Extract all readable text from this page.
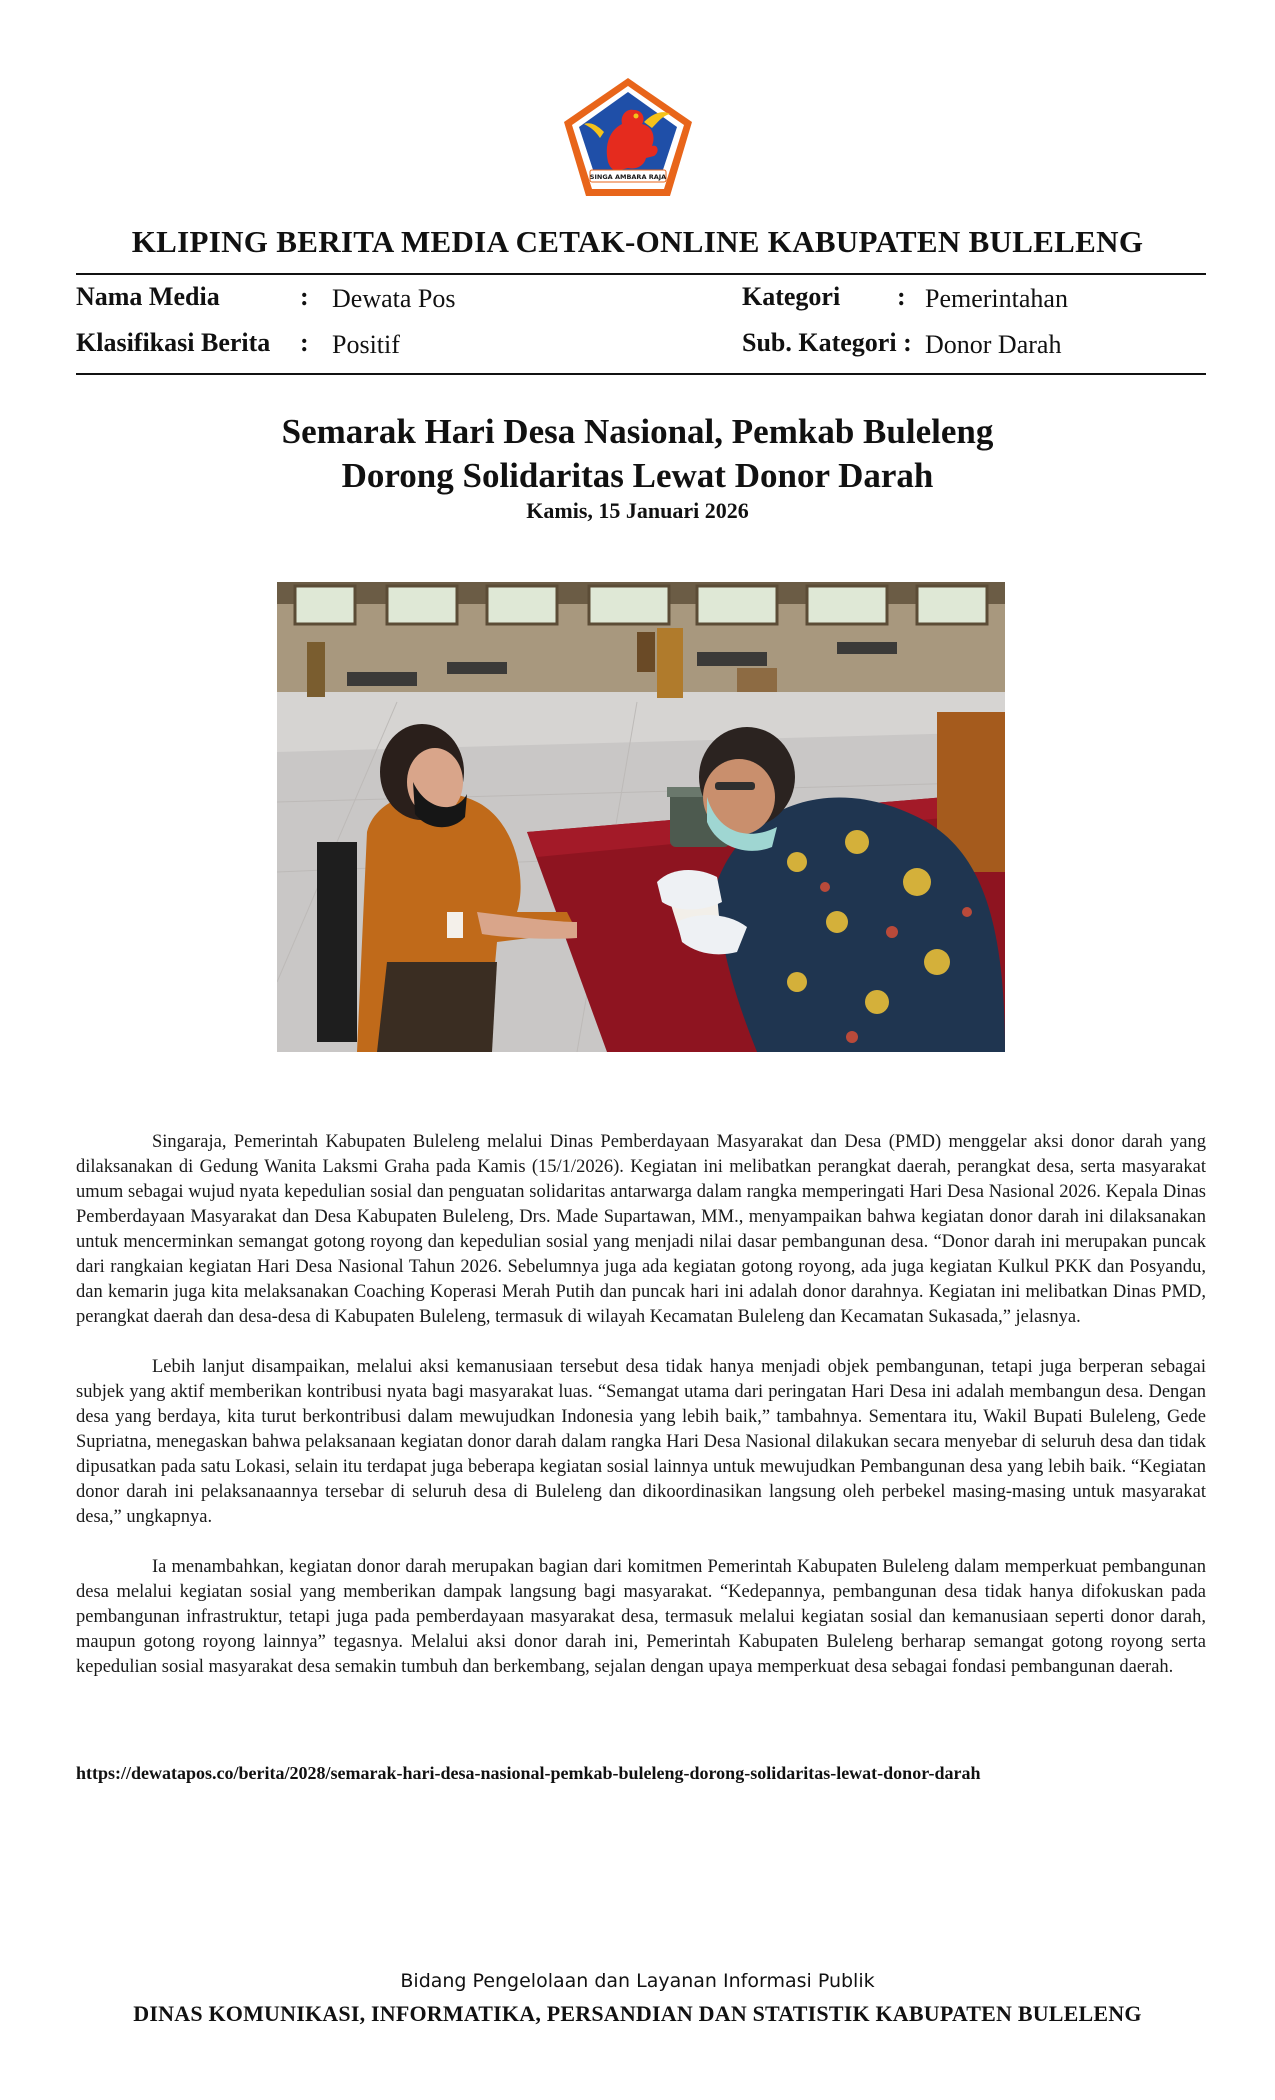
SINGA AMBARA RAJA
KLIPING BERITA MEDIA CETAK-ONLINE KABUPATEN BULELENG
Nama Media	: Dewata Pos	Kategori : Pemerintahan
Klasifikasi Berita : Positif	Sub. Kategori : Donor Darah
Semarak Hari Desa Nasional, Pemkab Buleleng
Dorong Solidaritas Lewat Donor Darah
Kamis, 15 Januari 2026

Singaraja, Pemerintah Kabupaten Buleleng melalui Dinas Pemberdayaan Masyarakat dan Desa (PMD) menggelar aksi donor darah yang dilaksanakan di Gedung Wanita Laksmi Graha pada Kamis (15/1/2026). Kegiatan ini melibatkan perangkat daerah, perangkat desa, serta masyarakat umum sebagai wujud nyata kepedulian sosial dan penguatan solidaritas antarwarga dalam rangka memperingati Hari Desa Nasional 2026. Kepala Dinas Pemberdayaan Masyarakat dan Desa Kabupaten Buleleng, Drs. Made Supartawan, MM., menyampaikan bahwa kegiatan donor darah ini dilaksanakan untuk mencerminkan semangat gotong royong dan kepedulian sosial yang menjadi nilai dasar pembangunan desa. “Donor darah ini merupakan puncak dari rangkaian kegiatan Hari Desa Nasional Tahun 2026. Sebelumnya juga ada kegiatan gotong royong, ada juga kegiatan Kulkul PKK dan Posyandu, dan kemarin juga kita melaksanakan Coaching Koperasi Merah Putih dan puncak hari ini adalah donor darahnya. Kegiatan ini melibatkan Dinas PMD, perangkat daerah dan desa-desa di Kabupaten Buleleng, termasuk di wilayah Kecamatan Buleleng dan Kecamatan Sukasada,” jelasnya.

Lebih lanjut disampaikan, melalui aksi kemanusiaan tersebut desa tidak hanya menjadi objek pembangunan, tetapi juga berperan sebagai subjek yang aktif memberikan kontribusi nyata bagi masyarakat luas. “Semangat utama dari peringatan Hari Desa ini adalah membangun desa. Dengan desa yang berdaya, kita turut berkontribusi dalam mewujudkan Indonesia yang lebih baik,” tambahnya. Sementara itu, Wakil Bupati Buleleng, Gede Supriatna, menegaskan bahwa pelaksanaan kegiatan donor darah dalam rangka Hari Desa Nasional dilakukan secara menyebar di seluruh desa dan tidak dipusatkan pada satu Lokasi, selain itu terdapat juga beberapa kegiatan sosial lainnya untuk mewujudkan Pembangunan desa yang lebih baik. “Kegiatan donor darah ini pelaksanaannya tersebar di seluruh desa di Buleleng dan dikoordinasikan langsung oleh perbekel masing-masing untuk masyarakat desa,” ungkapnya.

Ia menambahkan, kegiatan donor darah merupakan bagian dari komitmen Pemerintah Kabupaten Buleleng dalam memperkuat pembangunan desa melalui kegiatan sosial yang memberikan dampak langsung bagi masyarakat. “Kedepannya, pembangunan desa tidak hanya difokuskan pada pembangunan infrastruktur, tetapi juga pada pemberdayaan masyarakat desa, termasuk melalui kegiatan sosial dan kemanusiaan seperti donor darah, maupun gotong royong lainnya” tegasnya. Melalui aksi donor darah ini, Pemerintah Kabupaten Buleleng berharap semangat gotong royong serta kepedulian sosial masyarakat desa semakin tumbuh dan berkembang, sejalan dengan upaya memperkuat desa sebagai fondasi pembangunan daerah.

https://dewatapos.co/berita/2028/semarak-hari-desa-nasional-pemkab-buleleng-dorong-solidaritas-lewat-donor-darah
Bidang Pengelolaan dan Layanan Informasi Publik
DINAS KOMUNIKASI, INFORMATIKA, PERSANDIAN DAN STATISTIK KABUPATEN BULELENG
